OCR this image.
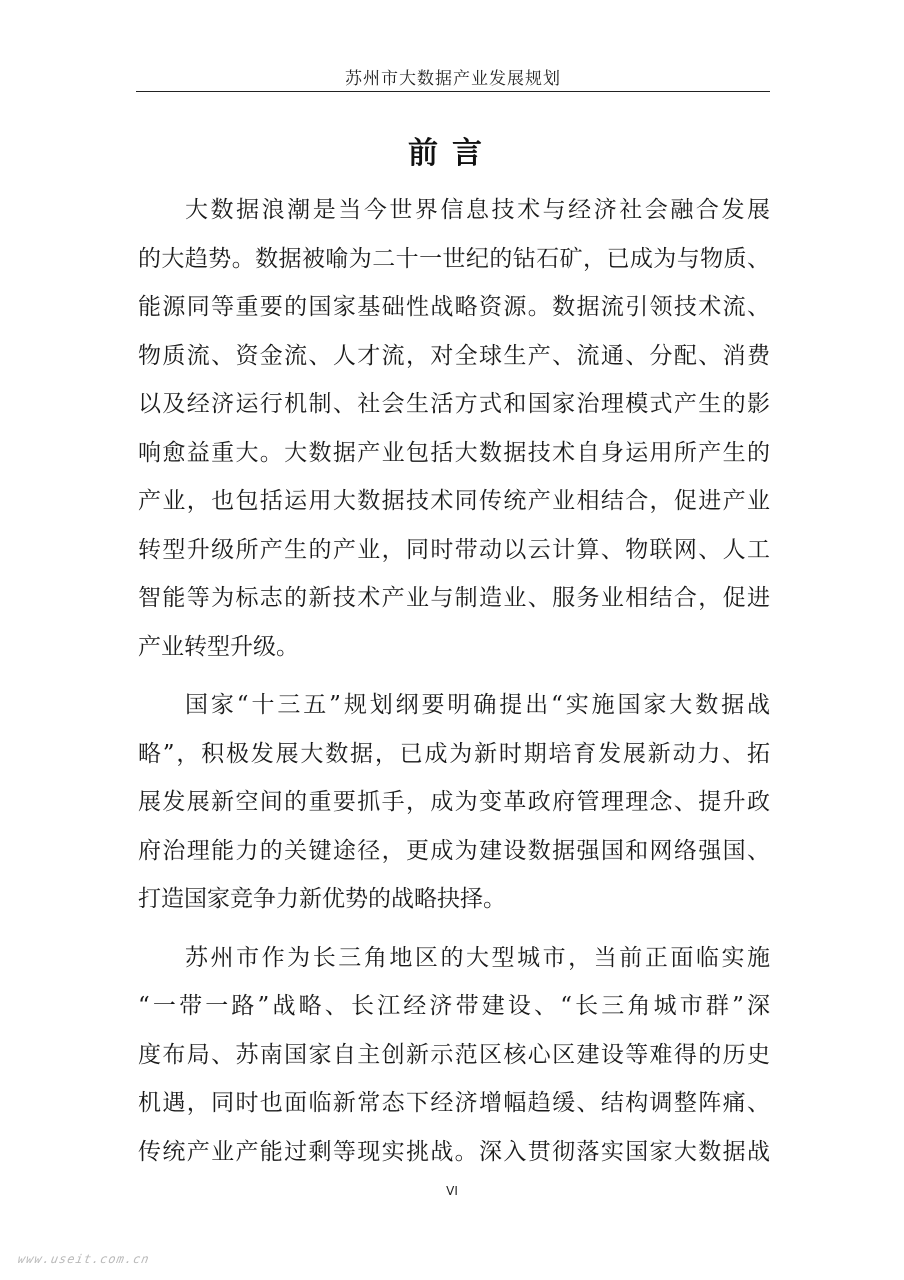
苏州市大数据产业发展规划
前言
大数据浪潮是当今世界信息技术与经济社会融合发展
的大趋势。数据被喻为二十一世纪的钻石矿，已成为与物质、
能源同等重要的国家基础性战略资源。数据流引领技术流、
物质流、资金流、人才流，对全球生产、流通、分配、消费
以及经济运行机制、社会生活方式和国家治理模式产生的影
响愈益重大。大数据产业包括大数据技术自身运用所产生的
产业，也包括运用大数据技术同传统产业相结合，促进产业
转型升级所产生的产业，同时带动以云计算、物联网、人工
智能等为标志的新技术产业与制造业、服务业相结合，促进
产业转型升级。
国家“十三五”规划纲要明确提出“实施国家大数据战
略”，积极发展大数据，已成为新时期培育发展新动力、拓
展发展新空间的重要抓手，成为变革政府管理理念、提升政
府治理能力的关键途径，更成为建设数据强国和网络强国、
打造国家竞争力新优势的战略抉择。
苏州市作为长三角地区的大型城市，当前正面临实施
“一带一路”战略、长江经济带建设、“长三角城市群”深
度布局、苏南国家自主创新示范区核心区建设等难得的历史
机遇，同时也面临新常态下经济增幅趋缓、结构调整阵痛、
传统产业产能过剩等现实挑战。深入贯彻落实国家大数据战
VI
www.useit.com.cn
